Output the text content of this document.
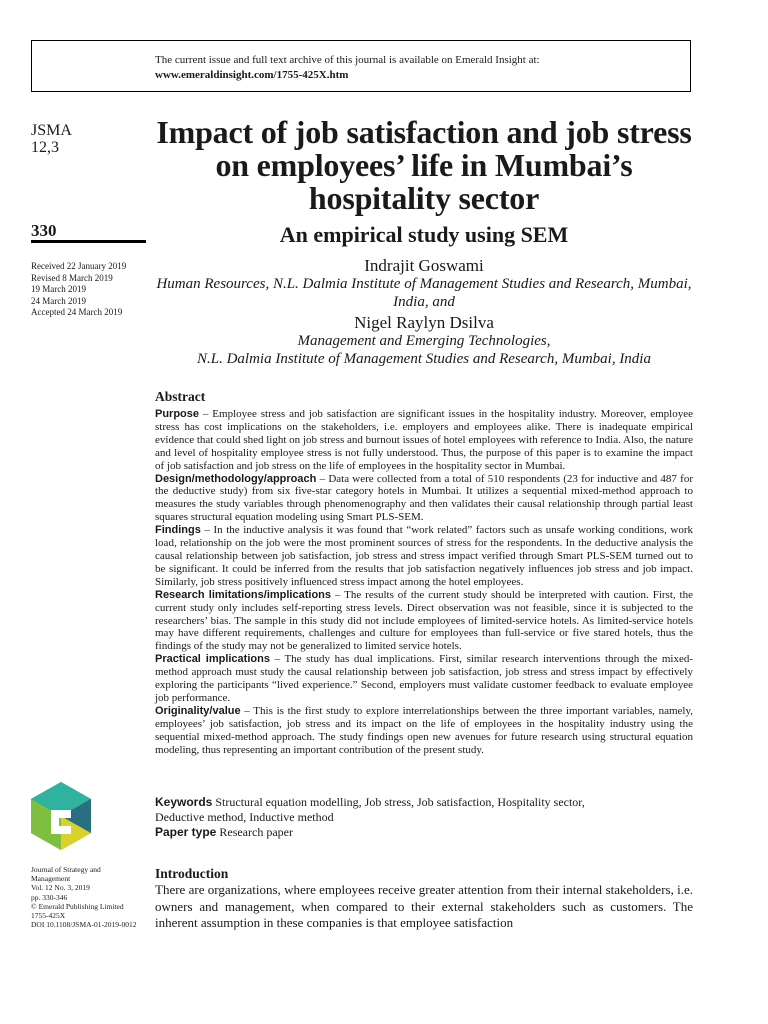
The current issue and full text archive of this journal is available on Emerald Insight at:
www.emeraldinsight.com/1755-425X.htm
JSMA
12,3
330
Received 22 January 2019
Revised 8 March 2019
19 March 2019
24 March 2019
Accepted 24 March 2019
Journal of Strategy and
Management
Vol. 12 No. 3, 2019
pp. 330-346
© Emerald Publishing Limited
1755-425X
DOI 10.1108/JSMA-01-2019-0012
Impact of job satisfaction and job stress on employees’ life in Mumbai’s hospitality sector
An empirical study using SEM
Indrajit Goswami
Human Resources, N.L. Dalmia Institute of Management Studies and Research, Mumbai, India, and
Nigel Raylyn Dsilva
Management and Emerging Technologies,
N.L. Dalmia Institute of Management Studies and Research, Mumbai, India
Abstract

Purpose – Employee stress and job satisfaction are significant issues in the hospitality industry. Moreover, employee stress has cost implications on the stakeholders, i.e. employers and employees alike. There is inadequate empirical evidence that could shed light on job stress and burnout issues of hotel employees with reference to India. Also, the nature and level of hospitality employee stress is not fully understood. Thus, the purpose of this paper is to examine the impact of job satisfaction and job stress on the life of employees in the hospitality sector in Mumbai.

Design/methodology/approach – Data were collected from a total of 510 respondents (23 for inductive and 487 for the deductive study) from six five-star category hotels in Mumbai. It utilizes a sequential mixed-method approach to measures the study variables through phenomenography and then validates their causal relationship through partial least squares structural equation modeling using Smart PLS-SEM.

Findings – In the inductive analysis it was found that “work related” factors such as unsafe working conditions, work load, relationship on the job were the most prominent sources of stress for the respondents. In the deductive analysis the causal relationship between job satisfaction, job stress and stress impact verified through Smart PLS-SEM turned out to be significant. It could be inferred from the results that job satisfaction negatively influences job stress and job impact. Similarly, job stress positively influenced stress impact among the hotel employees.

Research limitations/implications – The results of the current study should be interpreted with caution. First, the current study only includes self-reporting stress levels. Direct observation was not feasible, since it is subjected to the researchers’ bias. The sample in this study did not include employees of limited-service hotels. As limited-service hotels may have different requirements, challenges and culture for employees than full-service or five stared hotels, thus the findings of the study may not be generalized to limited service hotels.

Practical implications – The study has dual implications. First, similar research interventions through the mixed-method approach must study the causal relationship between job satisfaction, job stress and stress impact by effectively exploring the participants “lived experience.” Second, employers must validate customer feedback to evaluate employee job performance.

Originality/value – This is the first study to explore interrelationships between the three important variables, namely, employees’ job satisfaction, job stress and its impact on the life of employees in the hospitality industry using the sequential mixed-method approach. The study findings open new avenues for future research using structural equation modeling, thus representing an important contribution of the present study.

Keywords Structural equation modelling, Job stress, Job satisfaction, Hospitality sector,
Deductive method, Inductive method
Paper type Research paper
Introduction
There are organizations, where employees receive greater attention from their internal stakeholders, i.e. owners and management, when compared to their external stakeholders such as customers. The inherent assumption in these companies is that employee satisfaction
